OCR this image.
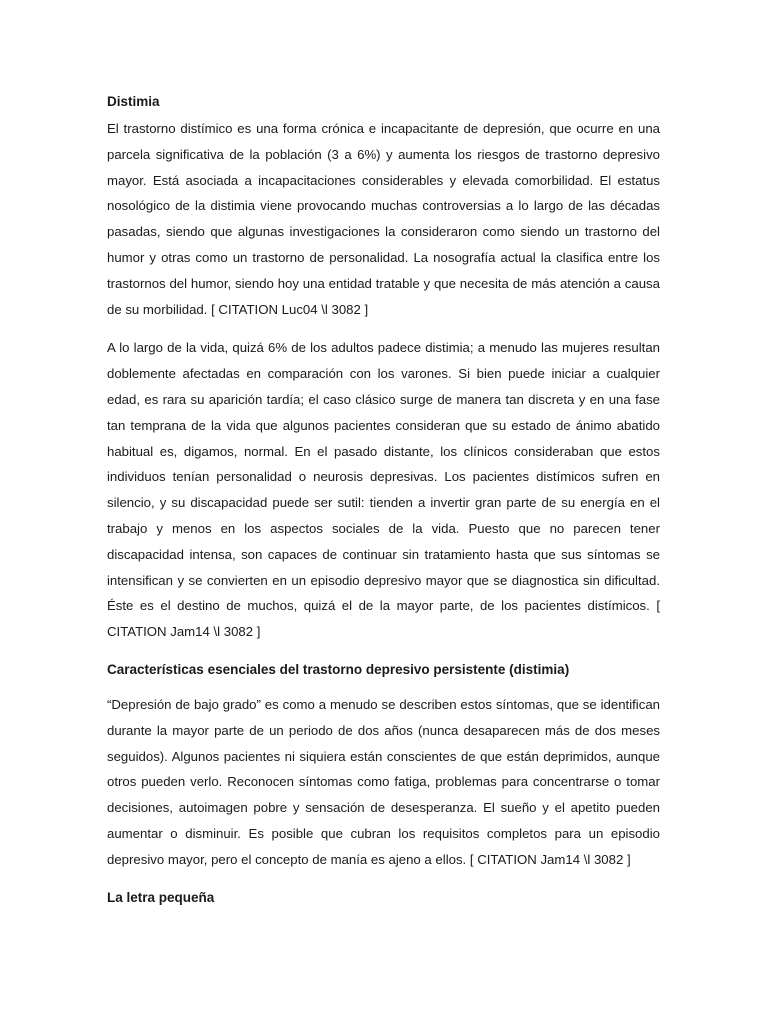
Distimia

El trastorno distímico es una forma crónica e incapacitante de depresión, que ocurre en una parcela significativa de la población (3 a 6%) y aumenta los riesgos de trastorno depresivo mayor. Está asociada a incapacitaciones considerables y elevada comorbilidad. El estatus nosológico de la distimia viene provocando muchas controversias a lo largo de las décadas pasadas, siendo que algunas investigaciones la consideraron como siendo un trastorno del humor y otras como un trastorno de personalidad. La nosografía actual la clasifica entre los trastornos del humor, siendo hoy una entidad tratable y que necesita de más atención a causa de su morbilidad. [ CITATION Luc04 \l 3082 ]

A lo largo de la vida, quizá 6% de los adultos padece distimia; a menudo las mujeres resultan doblemente afectadas en comparación con los varones. Si bien puede iniciar a cualquier edad, es rara su aparición tardía; el caso clásico surge de manera tan discreta y en una fase tan temprana de la vida que algunos pacientes consideran que su estado de ánimo abatido habitual es, digamos, normal. En el pasado distante, los clínicos consideraban que estos individuos tenían personalidad o neurosis depresivas. Los pacientes distímicos sufren en silencio, y su discapacidad puede ser sutil: tienden a invertir gran parte de su energía en el trabajo y menos en los aspectos sociales de la vida. Puesto que no parecen tener discapacidad intensa, son capaces de continuar sin tratamiento hasta que sus síntomas se intensifican y se convierten en un episodio depresivo mayor que se diagnostica sin dificultad. Éste es el destino de muchos, quizá el de la mayor parte, de los pacientes distímicos. [ CITATION Jam14 \l 3082 ]

Características esenciales del trastorno depresivo persistente (distimia)

“Depresión de bajo grado” es como a menudo se describen estos síntomas, que se identifican durante la mayor parte de un periodo de dos años (nunca desaparecen más de dos meses seguidos). Algunos pacientes ni siquiera están conscientes de que están deprimidos, aunque otros pueden verlo. Reconocen síntomas como fatiga, problemas para concentrarse o tomar decisiones, autoimagen pobre y sensación de desesperanza. El sueño y el apetito pueden aumentar o disminuir. Es posible que cubran los requisitos completos para un episodio depresivo mayor, pero el concepto de manía es ajeno a ellos. [ CITATION Jam14 \l 3082 ]

La letra pequeña
